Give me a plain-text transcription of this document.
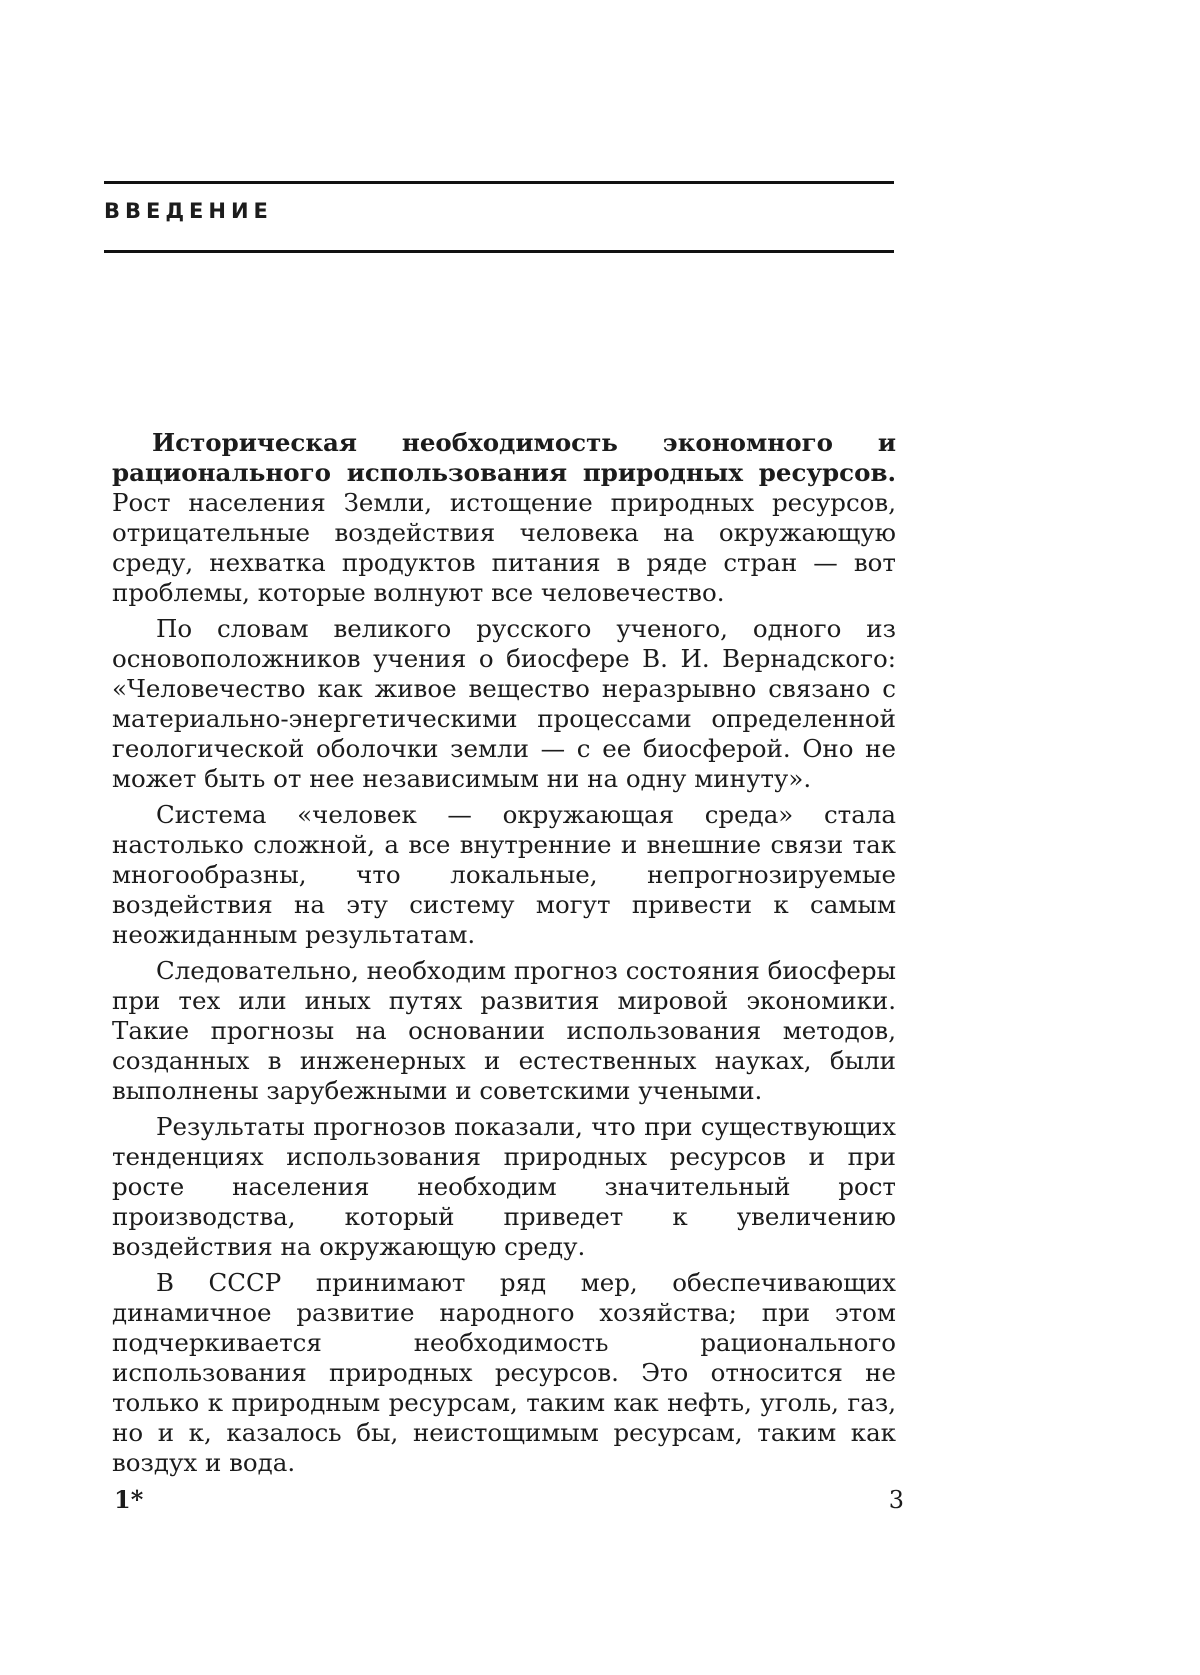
ВВЕДЕНИЕ

Историческая необходимость экономного и рационального использования природных ресурсов. Рост населения Земли, истощение природных ресурсов, отрицательные воздействия человека на окружающую среду, нехватка продуктов питания в ряде стран — вот проблемы, которые волнуют все человечество.

По словам великого русского ученого, одного из основоположников учения о биосфере В. И. Вернадского: «Человечество как живое вещество неразрывно связано с материально-энергетическими процессами определенной геологической оболочки земли — с ее биосферой. Оно не может быть от нее независимым ни на одну минуту».

Система «человек — окружающая среда» стала настолько сложной, а все внутренние и внешние связи так многообразны, что локальные, непрогнозируемые воздействия на эту систему могут привести к самым неожиданным результатам.

Следовательно, необходим прогноз состояния биосферы при тех или иных путях развития мировой экономики. Такие прогнозы на основании использования методов, созданных в инженерных и естественных науках, были выполнены зарубежными и советскими учеными.

Результаты прогнозов показали, что при существующих тенденциях использования природных ресурсов и при росте населения необходим значительный рост производства, который приведет к увеличению воздействия на окружающую среду.

В СССР принимают ряд мер, обеспечивающих динамичное развитие народного хозяйства; при этом подчеркивается необходимость рационального использования природных ресурсов. Это относится не только к природным ресурсам, таким как нефть, уголь, газ, но и к, казалось бы, неистощимым ресурсам, таким как воздух и вода.

1*	3
